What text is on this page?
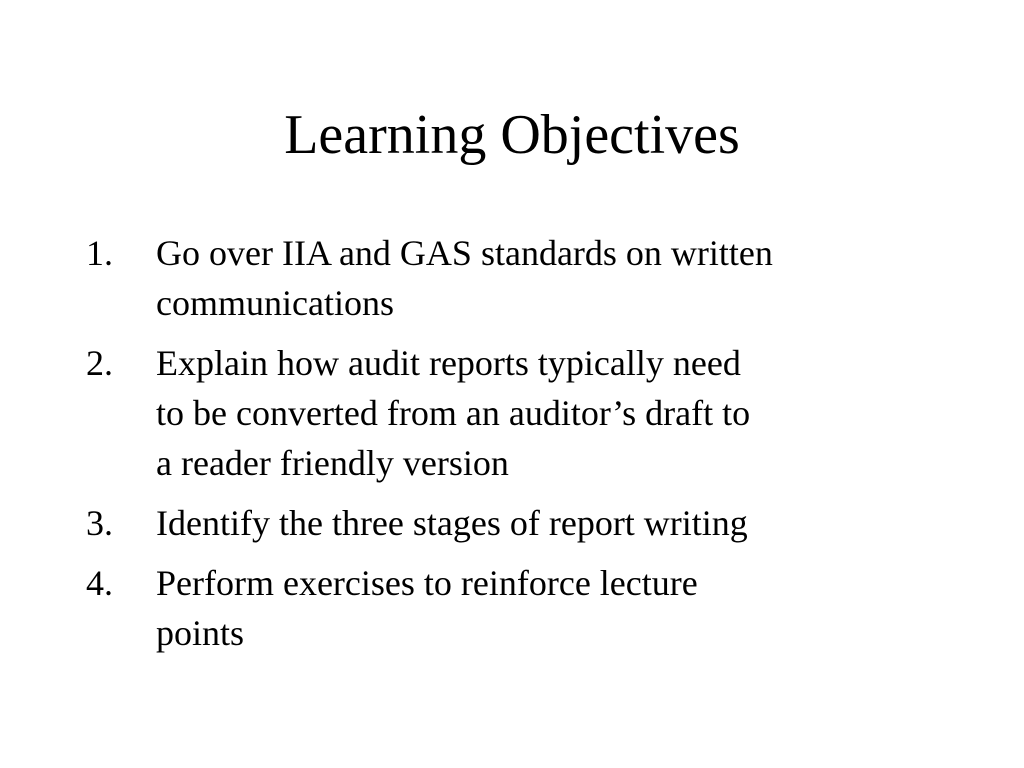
Learning Objectives
1.	Go over IIA and GAS standards on written
communications
2.	Explain how audit reports typically need
to be converted from an auditor’s draft to
a reader friendly version
3.	Identify the three stages of report writing
4.	Perform exercises to reinforce lecture
points
